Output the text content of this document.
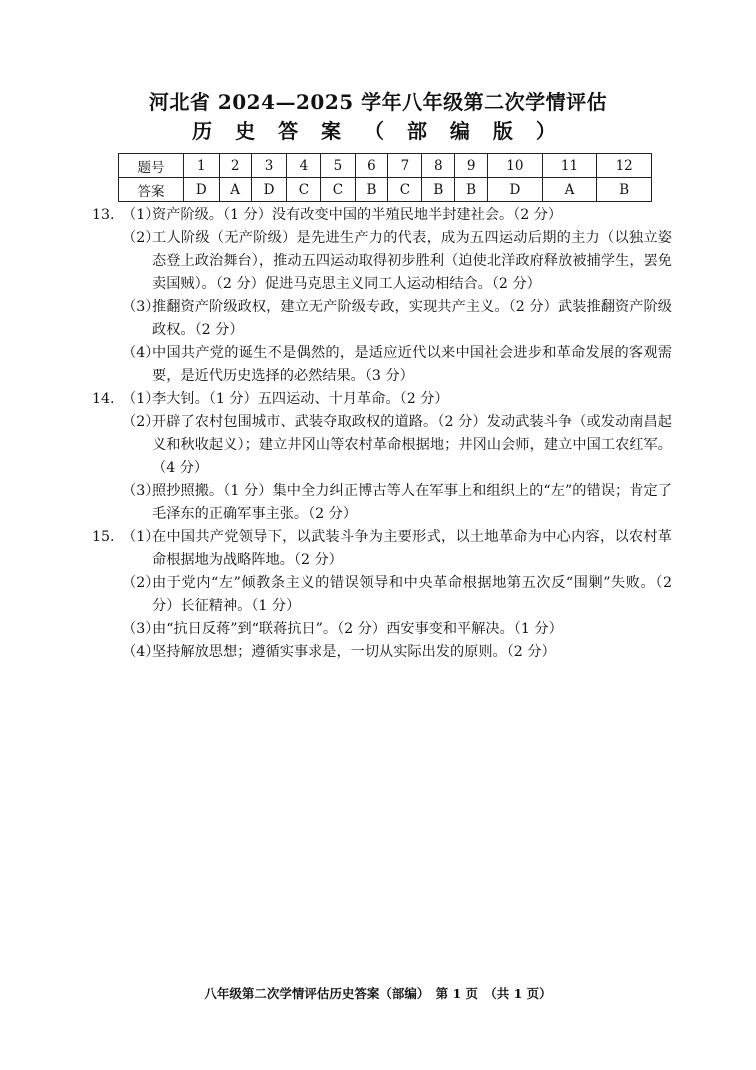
河北省 2024—2025 学年八年级第二次学情评估
历 史 答 案 （ 部 编 版 ）
题号	1	2	3	4	5	6	7	8	9	10	11	12
答案	D	A	D	C	C	B	C	B	B	D	A	B
13. （1）
资产阶级。（1 分）没有改变中国的半殖民地半封建社会。（2 分）
（2）
工人阶级（无产阶级）是先进生产力的代表，成为五四运动后期的主力（以独立姿态登上政治舞台），推动五四运动取得初步胜利（迫使北洋政府释放被捕学生，罢免卖国贼）。（2 分）促进马克思主义同工人运动相结合。（2 分）
（3）
推翻资产阶级政权，建立无产阶级专政，实现共产主义。（2 分）武装推翻资产阶级政权。（2 分）
（4）
中国共产党的诞生不是偶然的，是适应近代以来中国社会进步和革命发展的客观需要，是近代历史选择的必然结果。（3 分）
14. （1）
李大钊。（1 分）五四运动、十月革命。（2 分）
（2）
开辟了农村包围城市、武装夺取政权的道路。（2 分）发动武装斗争（或发动南昌起义和秋收起义）；建立井冈山等农村革命根据地；井冈山会师，建立中国工农红军。（4 分）
（3）
照抄照搬。（1 分）集中全力纠正博古等人在军事上和组织上的“左”的错误；肯定了毛泽东的正确军事主张。（2 分）
15. （1）
在中国共产党领导下，以武装斗争为主要形式，以土地革命为中心内容，以农村革命根据地为战略阵地。（2 分）
（2）
由于党内“左”倾教条主义的错误领导和中央革命根据地第五次反“围剿”失败。（2 分）长征精神。（1 分）
（3）
由“抗日反蒋”到“联蒋抗日”。（2 分）西安事变和平解决。（1 分）
（4）
坚持解放思想；遵循实事求是，一切从实际出发的原则。（2 分）
八年级第二次学情评估历史答案（部编）　第 1 页　（共 1 页）
